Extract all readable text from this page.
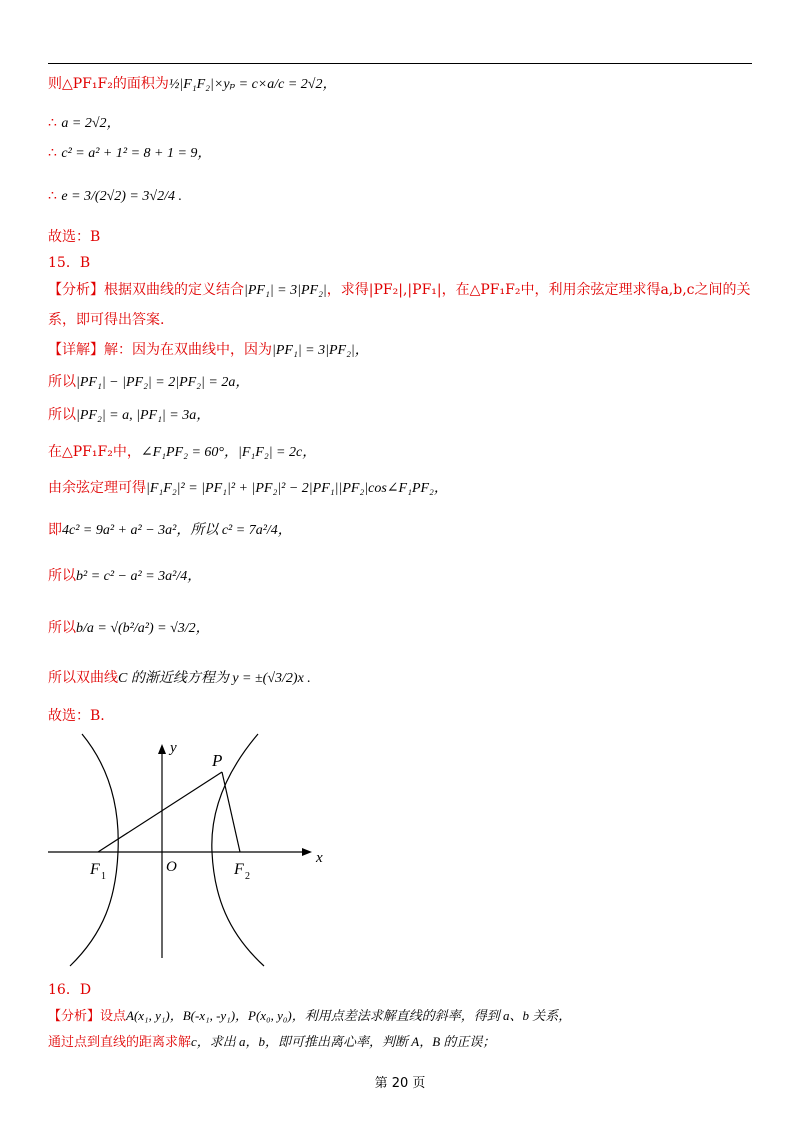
则△PF₁F₂的面积为½|F₁F₂|×yₚ = c×a/c = 2√2，
∴ a = 2√2，
∴ c² = a² + 1² = 8 + 1 = 9，
∴ e = 3/(2√2) = 3√2/4 .
故选：B
15．B
【分析】根据双曲线的定义结合|PF₁| = 3|PF₂|，求得|PF₂|,|PF₁|，在△PF₁F₂中，利用余弦定理求得a,b,c之间的关
系，即可得出答案.
【详解】解：因为在双曲线中，因为|PF₁| = 3|PF₂|，
所以|PF₁| − |PF₂| = 2|PF₂| = 2a，
所以|PF₂| = a, |PF₁| = 3a，
在△PF₁F₂中，∠F₁PF₂ = 60°，|F₁F₂| = 2c，
由余弦定理可得|F₁F₂|² = |PF₁|² + |PF₂|² − 2|PF₁||PF₂|cos∠F₁PF₂，
即4c² = 9a² + a² − 3a²，所以 c² = 7a²/4，
所以b² = c² − a² = 3a²/4，
所以b/a = √(b²/a²) = √3/2，
所以双曲线C 的渐近线方程为 y = ±(√3/2)x .
故选：B.
y
x
O
P
F 1	F 2
16．D
【分析】设点A(x₁, y₁)，B(-x₁, -y₁)，P(x₀, y₀)，利用点差法求解直线的斜率，得到 a、b 关系，
通过点到直线的距离求解c，求出 a，b，即可推出离心率，判断 A，B 的正误；
第 20 页
